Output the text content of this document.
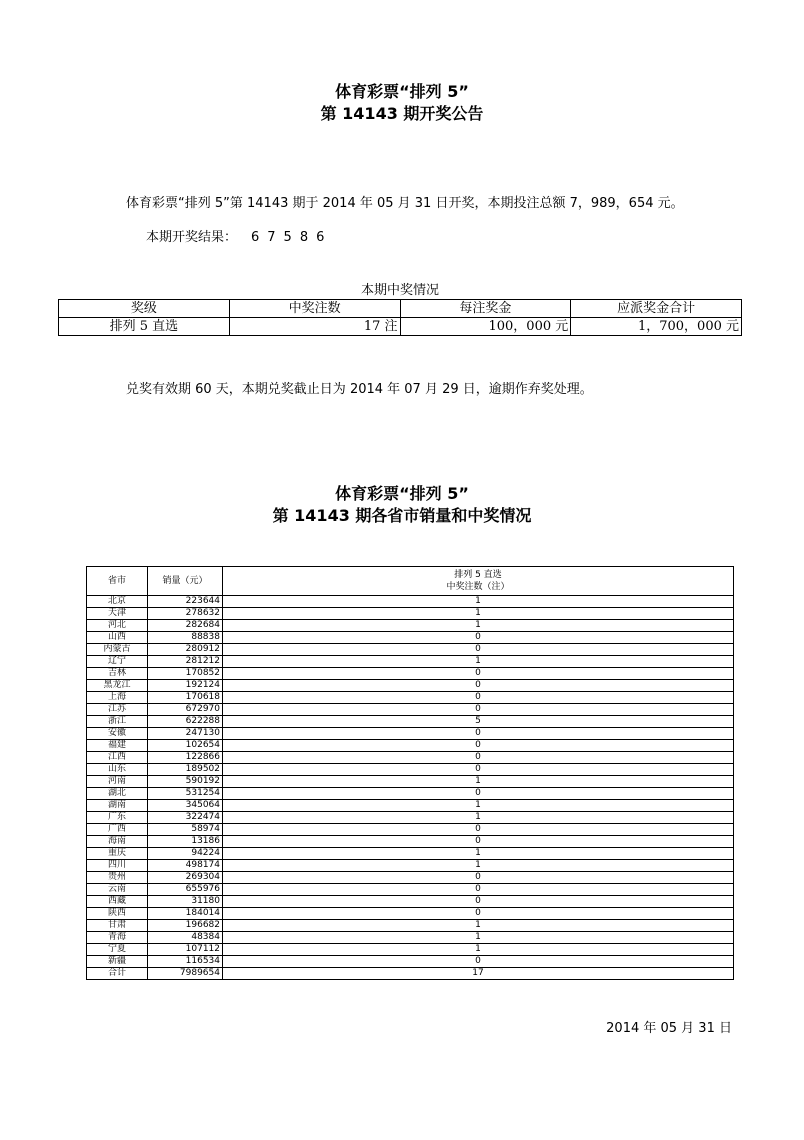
体育彩票“排列 5”
第 14143 期开奖公告
体育彩票“排列 5”第 14143 期于 2014 年 05 月 31 日开奖，本期投注总额 7，989，654 元。
本期开奖结果： 67586
本期中奖情况
奖级	中奖注数	每注奖金	应派奖金合计
排列 5 直选	17 注	100，000 元	1，700，000 元
兑奖有效期 60 天，本期兑奖截止日为 2014 年 07 月 29 日，逾期作弃奖处理。
体育彩票“排列 5”
第 14143 期各省市销量和中奖情况
省市	销量（元）	排列 5 直选
中奖注数（注）

北京	223644	1
天津	278632	1
河北	282684	1
山西	88838	0
内蒙古	280912	0
辽宁	281212	1
吉林	170852	0
黑龙江	192124	0
上海	170618	0
江苏	672970	0
浙江	622288	5
安徽	247130	0
福建	102654	0
江西	122866	0
山东	189502	0
河南	590192	1
湖北	531254	0
湖南	345064	1
广东	322474	1
广西	58974	0
海南	13186	0
重庆	94224	1
四川	498174	1
贵州	269304	0
云南	655976	0
西藏	31180	0
陕西	184014	0
甘肃	196682	1
青海	48384	1
宁夏	107112	1
新疆	116534	0
合计	7989654	17
2014 年 05 月 31 日
